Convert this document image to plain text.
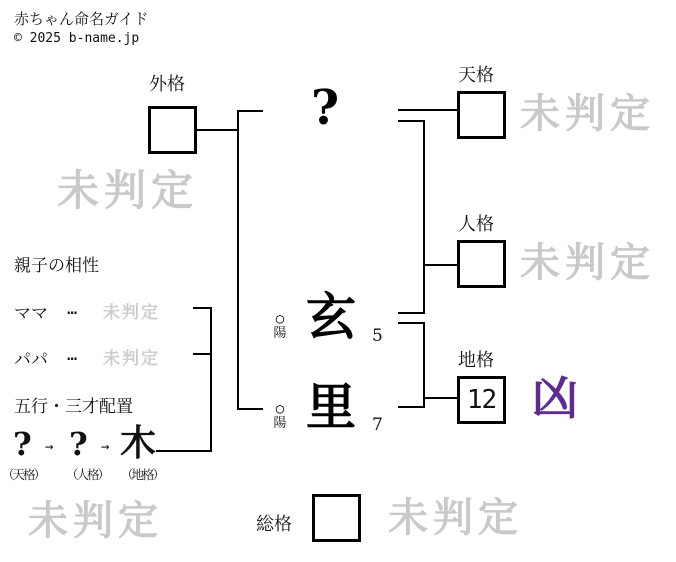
赤ちゃん命名ガイド
© 2025 b-name.jp
外格	天格
人格
地格
12
総格
未判定
未判定
未判定
未判定
未判定
凶
?
○
陽 玄 5
○
陽 里 7
親子の相性
ママ … 未判定
パパ … 未判定
五行・三才配置
? → ? → 木
（天格） （人格） （地格）
